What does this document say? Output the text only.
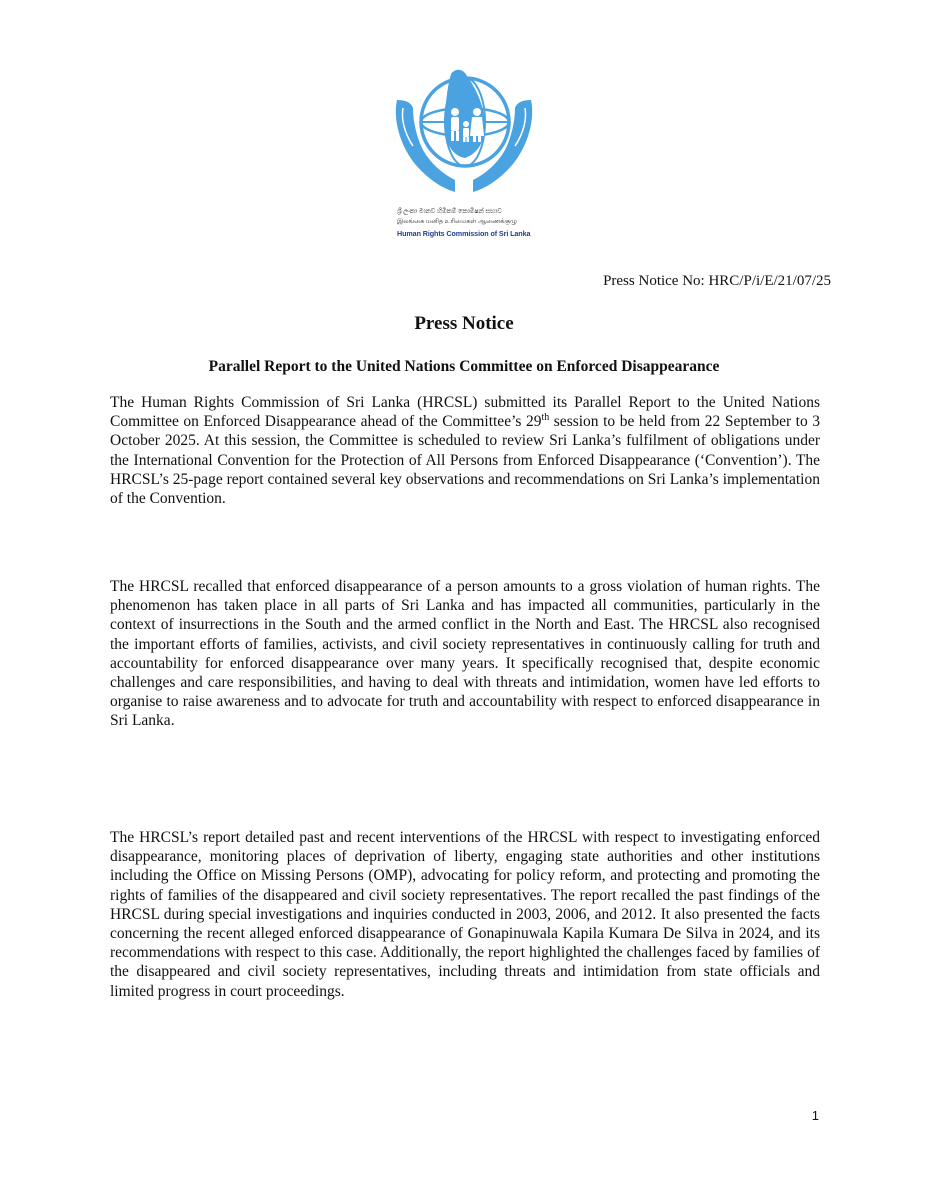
ශ්‍රී ලංකා මානව හිමිකම් කොමිෂන් සභාව
இலங்கை மனித உரிமைகள் ஆணைக்குழு
Human Rights Commission of Sri Lanka
Press Notice No: HRC/P/i/E/21/07/25
Press Notice
Parallel Report to the United Nations Committee on Enforced Disappearance

The Human Rights Commission of Sri Lanka (HRCSL) submitted its Parallel Report to the United Nations Committee on Enforced Disappearance ahead of the Committee’s 29th session to be held from 22 September to 3 October 2025. At this session, the Committee is scheduled to review Sri Lanka’s fulfilment of obligations under the International Convention for the Protection of All Persons from Enforced Disappearance (‘Convention’). The HRCSL’s 25-page report contained several key observations and recommendations on Sri Lanka’s implementation of the Convention.

The HRCSL recalled that enforced disappearance of a person amounts to a gross violation of human rights. The phenomenon has taken place in all parts of Sri Lanka and has impacted all communities, particularly in the context of insurrections in the South and the armed conflict in the North and East. The HRCSL also recognised the important efforts of families, activists, and civil society representatives in continuously calling for truth and accountability for enforced disappearance over many years. It specifically recognised that, despite economic challenges and care responsibilities, and having to deal with threats and intimidation, women have led efforts to organise to raise awareness and to advocate for truth and accountability with respect to enforced disappearance in Sri Lanka.

The HRCSL’s report detailed past and recent interventions of the HRCSL with respect to investigating enforced disappearance, monitoring places of deprivation of liberty, engaging state authorities and other institutions including the Office on Missing Persons (OMP), advocating for policy reform, and protecting and promoting the rights of families of the disappeared and civil society representatives. The report recalled the past findings of the HRCSL during special investigations and inquiries conducted in 2003, 2006, and 2012. It also presented the facts concerning the recent alleged enforced disappearance of Gonapinuwala Kapila Kumara De Silva in 2024, and its recommendations with respect to this case. Additionally, the report highlighted the challenges faced by families of the disappeared and civil society representatives, including threats and intimidation from state officials and limited progress in court proceedings.

1
